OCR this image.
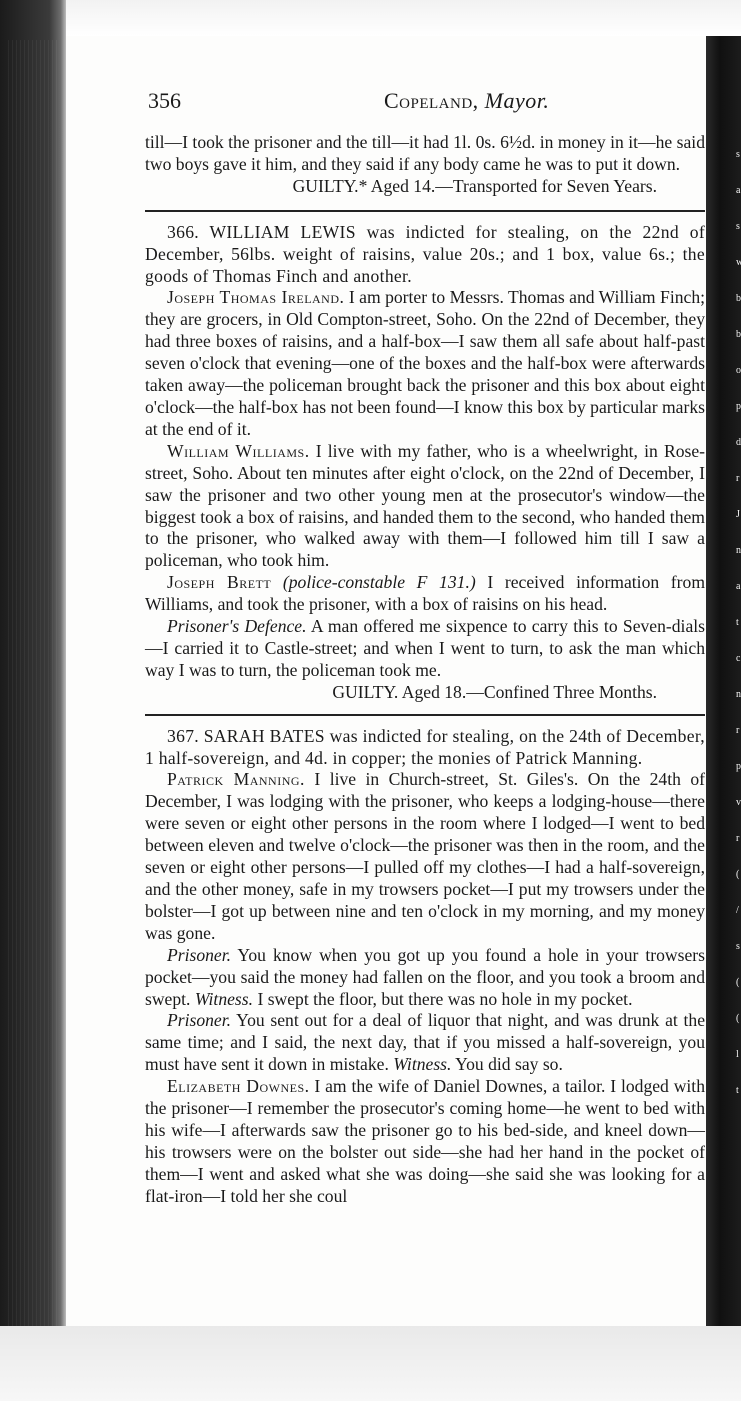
s
a
s
w
b
b
o
p
d
r
J
n
a
t
c
n
r
p
v
r
(
/
s
(
(
l
t
356	Copeland, Mayor.

till—I took the prisoner and the till—it had 1l. 0s. 6½d. in money in it—he said two boys gave it him, and they said if any body came he was to put it down.

GUILTY.* Aged 14.—Transported for Seven Years.

366. WILLIAM LEWIS was indicted for stealing, on the 22nd of December, 56lbs. weight of raisins, value 20s.; and 1 box, value 6s.; the goods of Thomas Finch and another.

Joseph Thomas Ireland. I am porter to Messrs. Thomas and William Finch; they are grocers, in Old Compton-street, Soho. On the 22nd of December, they had three boxes of raisins, and a half-box—I saw them all safe about half-past seven o'clock that evening—one of the boxes and the half-box were afterwards taken away—the policeman brought back the prisoner and this box about eight o'clock—the half-box has not been found—I know this box by particular marks at the end of it.

William Williams. I live with my father, who is a wheelwright, in Rose-street, Soho. About ten minutes after eight o'clock, on the 22nd of December, I saw the prisoner and two other young men at the prosecutor's window—the biggest took a box of raisins, and handed them to the second, who handed them to the prisoner, who walked away with them—I followed him till I saw a policeman, who took him.

Joseph Brett (police-constable F 131.) I received information from Williams, and took the prisoner, with a box of raisins on his head.

Prisoner's Defence. A man offered me sixpence to carry this to Seven-dials—I carried it to Castle-street; and when I went to turn, to ask the man which way I was to turn, the policeman took me.

GUILTY. Aged 18.—Confined Three Months.

367. SARAH BATES was indicted for stealing, on the 24th of December, 1 half-sovereign, and 4d. in copper; the monies of Patrick Manning.

Patrick Manning. I live in Church-street, St. Giles's. On the 24th of December, I was lodging with the prisoner, who keeps a lodging-house—there were seven or eight other persons in the room where I lodged—I went to bed between eleven and twelve o'clock—the prisoner was then in the room, and the seven or eight other persons—I pulled off my clothes—I had a half-sovereign, and the other money, safe in my trowsers pocket—I put my trowsers under the bolster—I got up between nine and ten o'clock in my morning, and my money was gone.

Prisoner. You know when you got up you found a hole in your trowsers pocket—you said the money had fallen on the floor, and you took a broom and swept. Witness. I swept the floor, but there was no hole in my pocket.

Prisoner. You sent out for a deal of liquor that night, and was drunk at the same time; and I said, the next day, that if you missed a half-sovereign, you must have sent it down in mistake. Witness. You did say so.

Elizabeth Downes. I am the wife of Daniel Downes, a tailor. I lodged with the prisoner—I remember the prosecutor's coming home—he went to bed with his wife—I afterwards saw the prisoner go to his bed-side, and kneel down—his trowsers were on the bolster out side—she had her hand in the pocket of them—I went and asked what she was doing—she said she was looking for a flat-iron—I told her she coul
